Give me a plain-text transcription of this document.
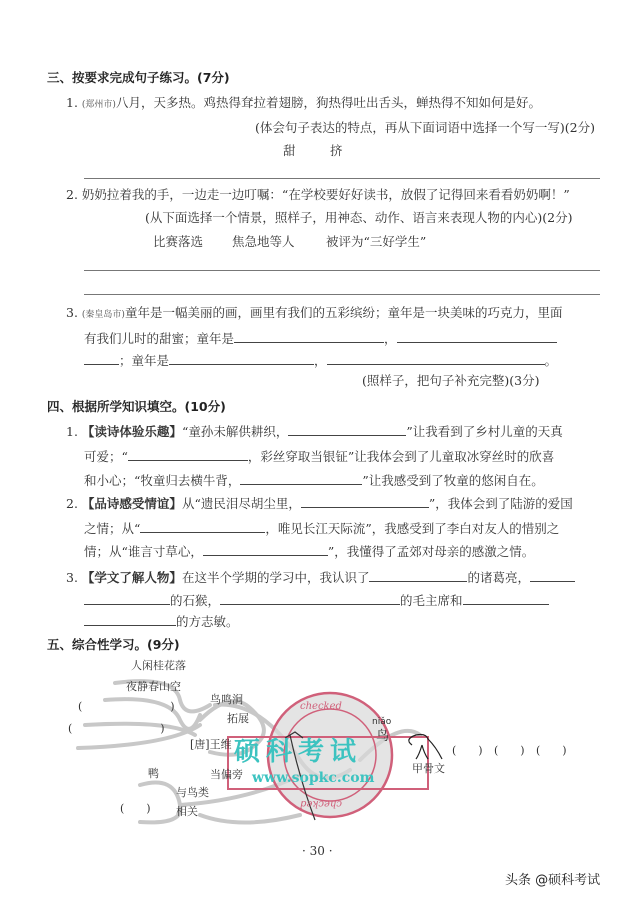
三、按要求完成句子练习。(7分)
1. (郑州市)八月，天多热。鸡热得耷拉着翅膀，狗热得吐出舌头，蝉热得不知如何是好。
(体会句子表达的特点，再从下面词语中选择一个写一写)(2分)
甜	挤
2. 奶奶拉着我的手，一边走一边叮嘱：“在学校要好好读书，放假了记得回来看看奶奶啊！”
(从下面选择一个情景，照样子，用神态、动作、语言来表现人物的内心)(2分)
比赛落选 焦急地等人	被评为“三好学生”
3. (秦皇岛市)童年是一幅美丽的画，画里有我们的五彩缤纷；童年是一块美味的巧克力，里面
有我们儿时的甜蜜；童年是	，
；童年是	，	。
(照样子，把句子补充完整)(3分)
四、根据所学知识填空。(10分)
1. 【读诗体验乐趣】“童孙未解供耕织，	”让我看到了乡村儿童的天真
可爱；“	，彩丝穿取当银钲”让我体会到了儿童取冰穿丝时的欣喜
和小心；“牧童归去横牛背，	”让我感受到了牧童的悠闲自在。
2. 【品诗感受情谊】从“遗民泪尽胡尘里，	”，我体会到了陆游的爱国
之情；从“	，唯见长江天际流”，我感受到了李白对友人的惜别之
情；从“谁言寸草心，	”，我懂得了孟郊对母亲的感激之情。
3. 【学文了解人物】在这半个学期的学习中，我认识了	的诸葛亮，
的石猴，	的毛主席和
的方志敏。
五、综合性学习。(9分)
人闲桂花落
夜静春山空
(　　　　　　　　)
(　　　　　　　　)
鸟鸣涧
[唐]王维
拓展	niǎo
鸟
硕科考试
www.sopkc.com
checked
checked
甲骨文
(　　) (　　) (　　)
鸭	当偏旁
与鸟类
相关
(　　)
· 30 ·
头条 @硕科考试
